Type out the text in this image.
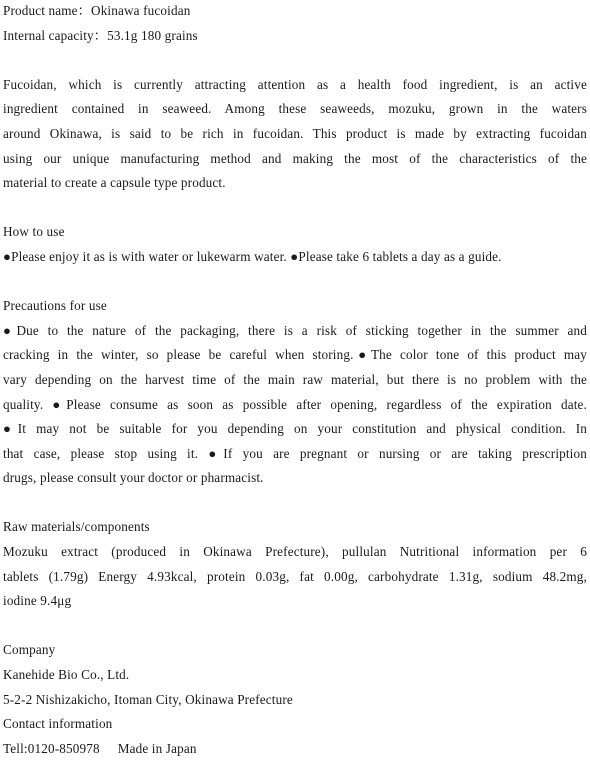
Product name：Okinawa fucoidan
Internal capacity：53.1g 180 grains
Fucoidan, which is currently attracting attention as a health food ingredient, is an active
ingredient contained in seaweed. Among these seaweeds, mozuku, grown in the waters
around Okinawa, is said to be rich in fucoidan. This product is made by extracting fucoidan
using our unique manufacturing method and making the most of the characteristics of the
material to create a capsule type product.
How to use
●Please enjoy it as is with water or lukewarm water. ●Please take 6 tablets a day as a guide.
Precautions for use
●Due to the nature of the packaging, there is a risk of sticking together in the summer and
cracking in the winter, so please be careful when storing.●The color tone of this product may
vary depending on the harvest time of the main raw material, but there is no problem with the
quality. ●Please consume as soon as possible after opening, regardless of the expiration date.
●It may not be suitable for you depending on your constitution and physical condition. In
that case, please stop using it. ●If you are pregnant or nursing or are taking prescription
drugs, please consult your doctor or pharmacist.
Raw materials/components
Mozuku extract (produced in Okinawa Prefecture), pullulan Nutritional information per 6
tablets (1.79g) Energy 4.93kcal, protein 0.03g, fat 0.00g, carbohydrate 1.31g, sodium 48.2mg,
iodine 9.4μg
Company
Kanehide Bio Co., Ltd.
5-2-2 Nishizakicho, Itoman City, Okinawa Prefecture
Contact information
Tell:0120-850978 Made in Japan
